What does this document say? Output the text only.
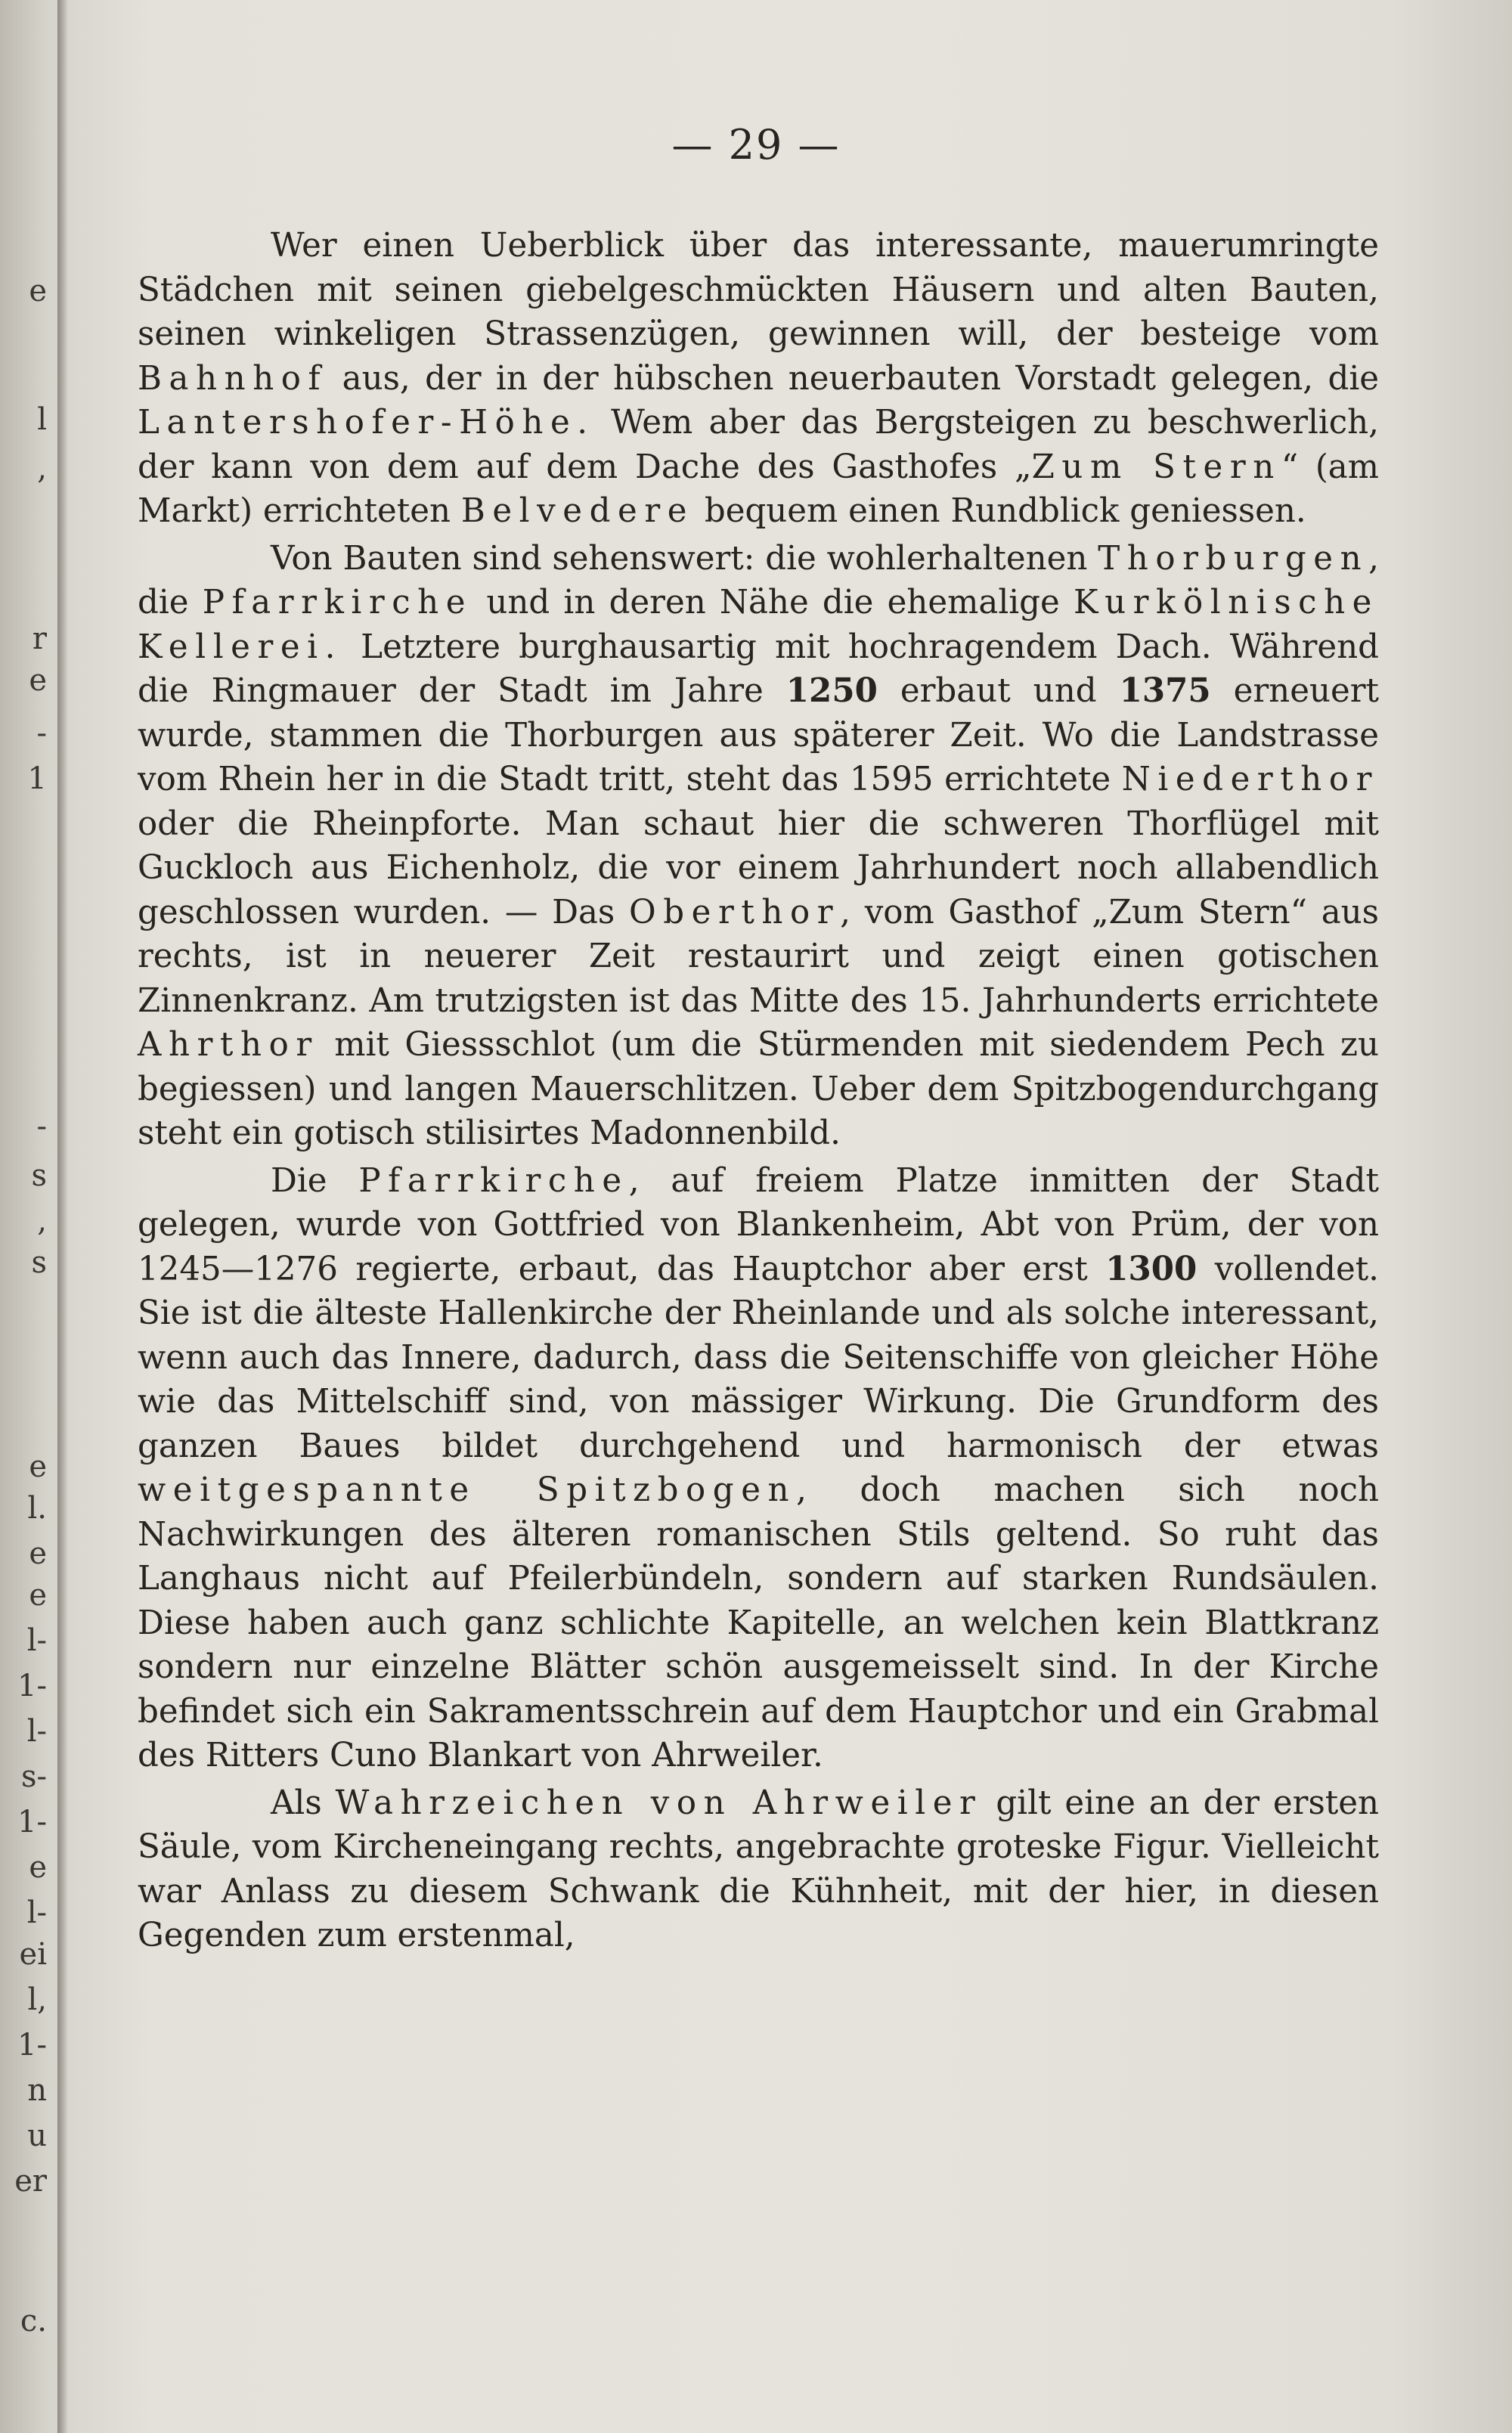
e
l
,
r
e
-
1
-
s
,
s
e
l.
e
e
l-
1-
l-
s-
1-
e
l-
ei
l,
1-
n
u
er
c.
— 29 —

Wer einen Ueberblick über das interessante, mauerumringte Städchen mit seinen giebelgeschmückten Häusern und alten Bauten, seinen winkeligen Strassenzügen, gewinnen will, der besteige vom Bahnhof aus, der in der hübschen neuerbauten Vorstadt gelegen, die Lantershofer-Höhe. Wem aber das Bergsteigen zu beschwerlich, der kann von dem auf dem Dache des Gasthofes „Zum Stern“ (am Markt) errichteten Belvedere bequem einen Rundblick geniessen.

Von Bauten sind sehenswert: die wohlerhaltenen Thorburgen, die Pfarrkirche und in deren Nähe die ehemalige Kurkölnische Kellerei. Letztere burghausartig mit hochragendem Dach. Während die Ringmauer der Stadt im Jahre 1250 erbaut und 1375 erneuert wurde, stammen die Thorburgen aus späterer Zeit. Wo die Landstrasse vom Rhein her in die Stadt tritt, steht das 1595 errichtete Niederthor oder die Rheinpforte. Man schaut hier die schweren Thorflügel mit Guckloch aus Eichenholz, die vor einem Jahrhundert noch allabendlich geschlossen wurden. — Das Oberthor, vom Gasthof „Zum Stern“ aus rechts, ist in neuerer Zeit restaurirt und zeigt einen gotischen Zinnenkranz. Am trutzigsten ist das Mitte des 15. Jahrhunderts errichtete Ahrthor mit Giessschlot (um die Stürmenden mit siedendem Pech zu begiessen) und langen Mauerschlitzen. Ueber dem Spitzbogendurchgang steht ein gotisch stilisirtes Madonnenbild.

Die Pfarrkirche, auf freiem Platze inmitten der Stadt gelegen, wurde von Gottfried von Blankenheim, Abt von Prüm, der von 1245—1276 regierte, erbaut, das Hauptchor aber erst 1300 vollendet. Sie ist die älteste Hallenkirche der Rheinlande und als solche interessant, wenn auch das Innere, dadurch, dass die Seitenschiffe von gleicher Höhe wie das Mittelschiff sind, von mässiger Wirkung. Die Grundform des ganzen Baues bildet durchgehend und harmonisch der etwas weitgespannte Spitzbogen, doch machen sich noch Nachwirkungen des älteren romanischen Stils geltend. So ruht das Langhaus nicht auf Pfeilerbündeln, sondern auf starken Rundsäulen. Diese haben auch ganz schlichte Kapitelle, an welchen kein Blattkranz sondern nur einzelne Blätter schön ausgemeisselt sind. In der Kirche befindet sich ein Sakramentsschrein auf dem Hauptchor und ein Grabmal des Ritters Cuno Blankart von Ahrweiler.

Als Wahrzeichen von Ahrweiler gilt eine an der ersten Säule, vom Kircheneingang rechts, angebrachte groteske Figur. Vielleicht war Anlass zu diesem Schwank die Kühnheit, mit der hier, in diesen Gegenden zum erstenmal,
